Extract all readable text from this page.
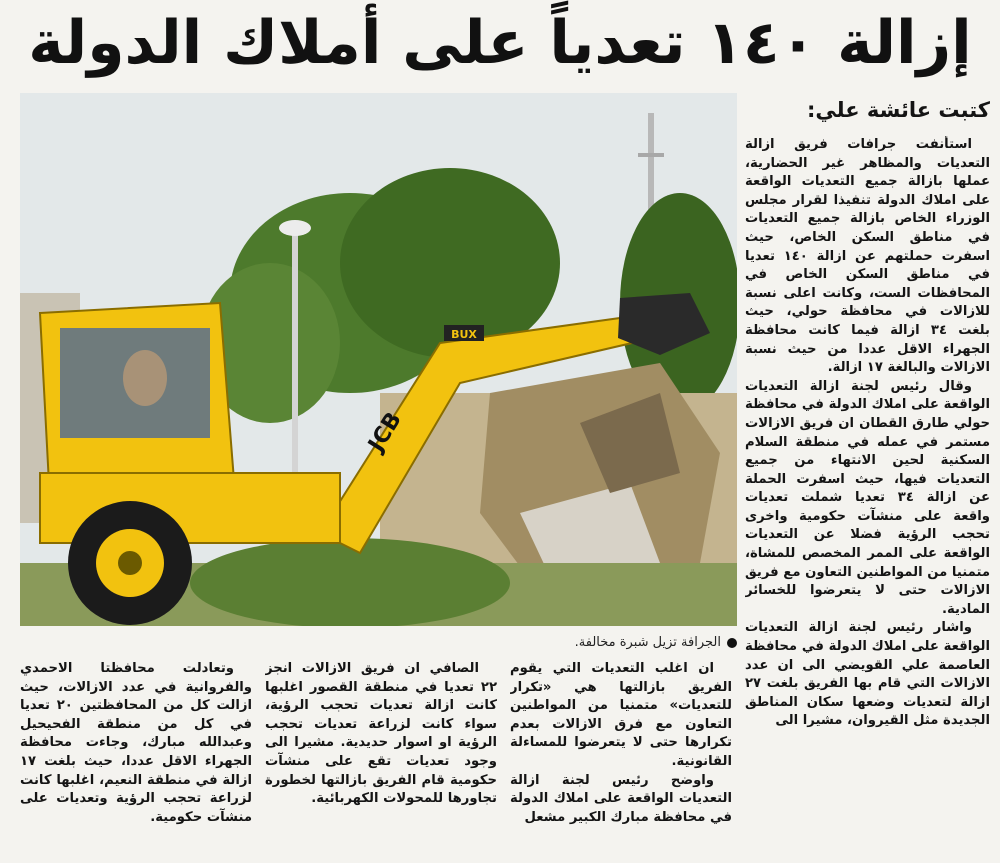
إزالة ١٤٠ تعدياً على أملاك الدولة
BUX
JCB
الجرافة تزيل شبرة مخالفة.
كتبت عائشة علي:

استأنفت جرافات فريق ازالة التعديات والمظاهر غير الحضارية، عملها بازالة جميع التعديات الواقعة على املاك الدولة تنفيذا لقرار مجلس الوزراء الخاص بازالة جميع التعديات في مناطق السكن الخاص، حيث اسفرت حملتهم عن ازالة ١٤٠ تعديا في مناطق السكن الخاص في المحافظات الست، وكانت اعلى نسبة للازالات في محافظة حولي، حيث بلغت ٣٤ ازالة فيما كانت محافظة الجهراء الاقل عددا من حيث نسبة الازالات والبالغة ١٧ ازالة.

وقال رئيس لجنة ازالة التعديات الواقعة على املاك الدولة في محافظة حولي طارق القطان ان فريق الازالات مستمر في عمله في منطقة السلام السكنية لحين الانتهاء من جميع التعديات فيها، حيث اسفرت الحملة عن ازالة ٣٤ تعديا شملت تعديات واقعة على منشآت حكومية واخرى تحجب الرؤية فضلا عن التعديات الواقعة على الممر المخصص للمشاة، متمنيا من المواطنين التعاون مع فريق الازالات حتى لا يتعرضوا للخسائر المادية.

واشار رئيس لجنة ازالة التعديات الواقعة على املاك الدولة في محافظة العاصمة علي القويضي الى ان عدد الازالات التي قام بها الفريق بلغت ٢٧ ازالة لتعديات وضعها سكان المناطق الجديدة مثل القيروان، مشيرا الى

ان اغلب التعديات التي يقوم الفريق بازالتها هي «تكرار للتعديات» متمنيا من المواطنين التعاون مع فرق الازالات بعدم تكرارها حتى لا يتعرضوا للمساءلة القانونية.

واوضح رئيس لجنة ازالة التعديات الواقعة على املاك الدولة في محافظة مبارك الكبير مشعل

الصافي ان فريق الازالات انجز ٢٢ تعديا في منطقة القصور اغلبها كانت ازالة تعديات تحجب الرؤية، سواء كانت لزراعة تعديات تحجب الرؤية او اسوار حديدية. مشيرا الى وجود تعديات تقع على منشآت حكومية قام الفريق بازالتها لخطورة تجاورها للمحولات الكهربائية.

وتعادلت محافظتا الاحمدي والفروانية في عدد الازالات، حيث ازالت كل من المحافظتين ٢٠ تعديا في كل من منطقة الفحيحيل وعبدالله مبارك، وجاءت محافظة الجهراء الاقل عددا، حيث بلغت ١٧ ازالة في منطقة النعيم، اغلبها كانت لزراعة تحجب الرؤية وتعديات على منشآت حكومية.
